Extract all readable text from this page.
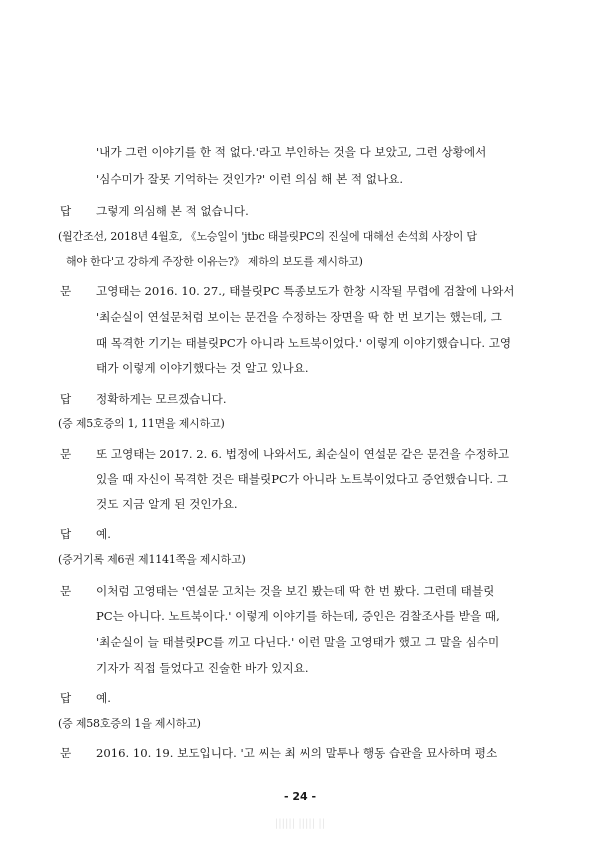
'내가 그런 이야기를 한 적 없다.'라고 부인하는 것을 다 보았고, 그런 상황에서
'심수미가 잘못 기억하는 것인가?' 이런 의심 해 본 적 없나요.
답 그렇게 의심해 본 적 없습니다.
(월간조선, 2018년 4월호, 《노승일이 'jtbc 태블릿PC의 진실에 대해선 손석희 사장이 답
해야 한다'고 강하게 주장한 이유는?》 제하의 보도를 제시하고)
문 고영태는 2016. 10. 27., 태블릿PC 특종보도가 한창 시작될 무렵에 검찰에 나와서
'최순실이 연설문처럼 보이는 문건을 수정하는 장면을 딱 한 번 보기는 했는데, 그
때 목격한 기기는 태블릿PC가 아니라 노트북이었다.' 이렇게 이야기했습니다. 고영
태가 이렇게 이야기했다는 것 알고 있나요.
답 정확하게는 모르겠습니다.
(증 제5호증의 1, 11면을 제시하고)
문 또 고영태는 2017. 2. 6. 법정에 나와서도, 최순실이 연설문 같은 문건을 수정하고
있을 때 자신이 목격한 것은 태블릿PC가 아니라 노트북이었다고 증언했습니다. 그
것도 지금 알게 된 것인가요.
답 예.
(증거기록 제6권 제1141쪽을 제시하고)
문 이처럼 고영태는 '연설문 고치는 것을 보긴 봤는데 딱 한 번 봤다. 그런데 태블릿
PC는 아니다. 노트북이다.' 이렇게 이야기를 하는데, 증인은 검찰조사를 받을 때,
'최순실이 늘 태블릿PC를 끼고 다닌다.' 이런 말을 고영태가 했고 그 말을 심수미
기자가 직접 들었다고 진술한 바가 있지요.
답 예.
(증 제58호증의 1을 제시하고)
문 2016. 10. 19. 보도입니다. '고 씨는 최 씨의 말투나 행동 습관을 묘사하며 평소
- 24 -
|||||| ||||| ||
